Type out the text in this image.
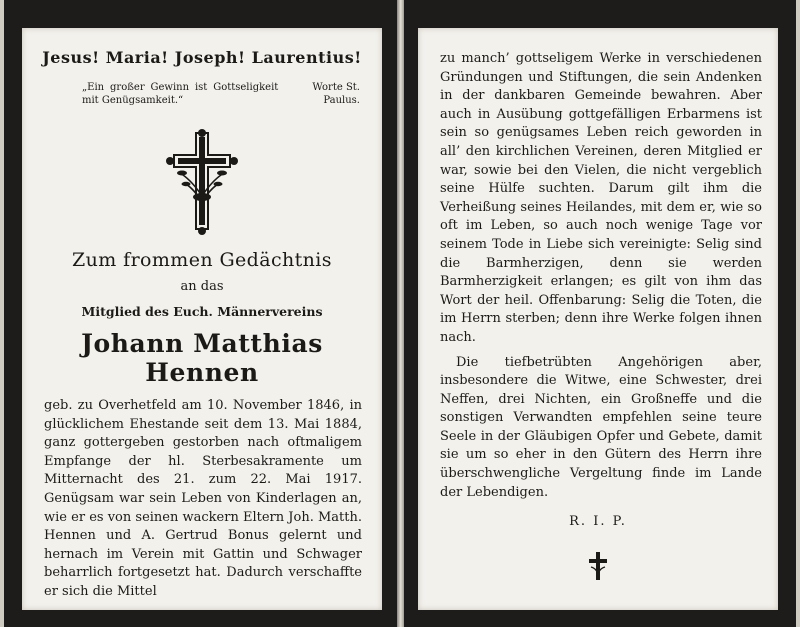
Jesus! Maria! Joseph! Laurentius!
„Ein großer Gewinn ist Gottseligkeit mit Genügsamkeit.“
Worte St. Paulus.
Zum frommen Gedächtnis
an das
Mitglied des Euch. Männervereins
Johann Matthias Hennen
geb. zu Overhetfeld am 10. November 1846, in glücklichem Ehestande seit dem 13. Mai 1884, ganz gottergeben gestorben nach oftmaligem Empfange der hl. Sterbesakramente um Mitternacht des 21. zum 22. Mai 1917. Genügsam war sein Leben von Kinderlagen an, wie er es von seinen wackern Eltern Joh. Matth. Hennen und A. Gertrud Bonus gelernt und hernach im Verein mit Gattin und Schwager beharrlich fortgesetzt hat. Dadurch verschaffte er sich die Mittel

zu manch’ gottseligem Werke in verschiedenen Gründungen und Stiftungen, die sein Andenken in der dankbaren Gemeinde bewahren. Aber auch in Ausübung gottgefälligen Erbarmens ist sein so genügsames Leben reich geworden in all’ den kirchlichen Vereinen, deren Mitglied er war, sowie bei den Vielen, die nicht vergeblich seine Hülfe suchten. Darum gilt ihm die Verheißung seines Heilandes, mit dem er, wie so oft im Leben, so auch noch wenige Tage vor seinem Tode in Liebe sich vereinigte: Selig sind die Barmherzigen, denn sie werden Barmherzigkeit erlangen; es gilt von ihm das Wort der heil. Offenbarung: Selig die Toten, die im Herrn sterben; denn ihre Werke folgen ihnen nach.

Die tiefbetrübten Angehörigen aber, insbesondere die Witwe, eine Schwester, drei Neffen, drei Nichten, ein Großneffe und die sonstigen Verwandten empfehlen seine teure Seele in der Gläubigen Opfer und Gebete, damit sie um so eher in den Gütern des Herrn ihre überschwengliche Vergeltung finde im Lande der Lebendigen.

R. I. P.
